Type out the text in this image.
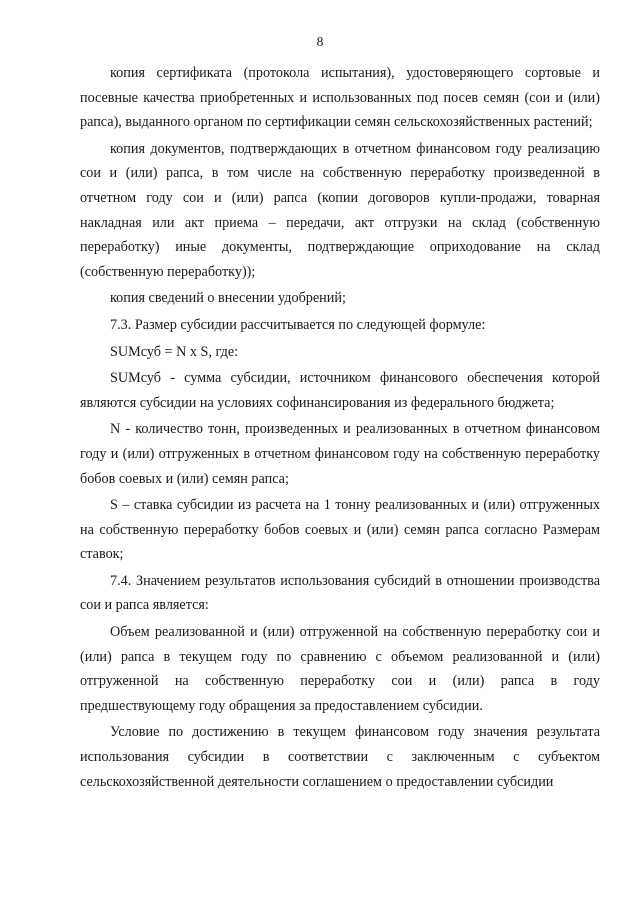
8

копия сертификата (протокола испытания), удостоверяющего сортовые и посевные качества приобретенных и использованных под посев семян (сои и (или) рапса), выданного органом по сертификации семян сельскохозяйственных растений;

копия документов, подтверждающих в отчетном финансовом году реализацию сои и (или) рапса, в том числе на собственную переработку произведенной в отчетном году сои и (или) рапса (копии договоров купли-продажи, товарная накладная или акт приема – передачи, акт отгрузки на склад (собственную переработку) иные документы, подтверждающие оприходование на склад (собственную переработку));

копия сведений о внесении удобрений;

7.3. Размер субсидии рассчитывается по следующей формуле:

SUMсуб = N x S, где:

SUMсуб - сумма субсидии, источником финансового обеспечения которой являются субсидии на условиях софинансирования из федерального бюджета;

N - количество тонн, произведенных и реализованных в отчетном финансовом году и (или) отгруженных в отчетном финансовом году на собственную переработку бобов соевых и (или) семян рапса;

S – ставка субсидии из расчета на 1 тонну реализованных и (или) отгруженных на собственную переработку бобов соевых и (или) семян рапса согласно Размерам ставок;

7.4. Значением результатов использования субсидий в отношении производства сои и рапса является:

Объем реализованной и (или) отгруженной на собственную переработку сои и (или) рапса в текущем году по сравнению с объемом реализованной и (или) отгруженной на собственную переработку сои и (или) рапса в году предшествующему году обращения за предоставлением субсидии.

Условие по достижению в текущем финансовом году значения результата использования субсидии в соответствии с заключенным с субъектом сельскохозяйственной деятельности соглашением о предоставлении субсидии
